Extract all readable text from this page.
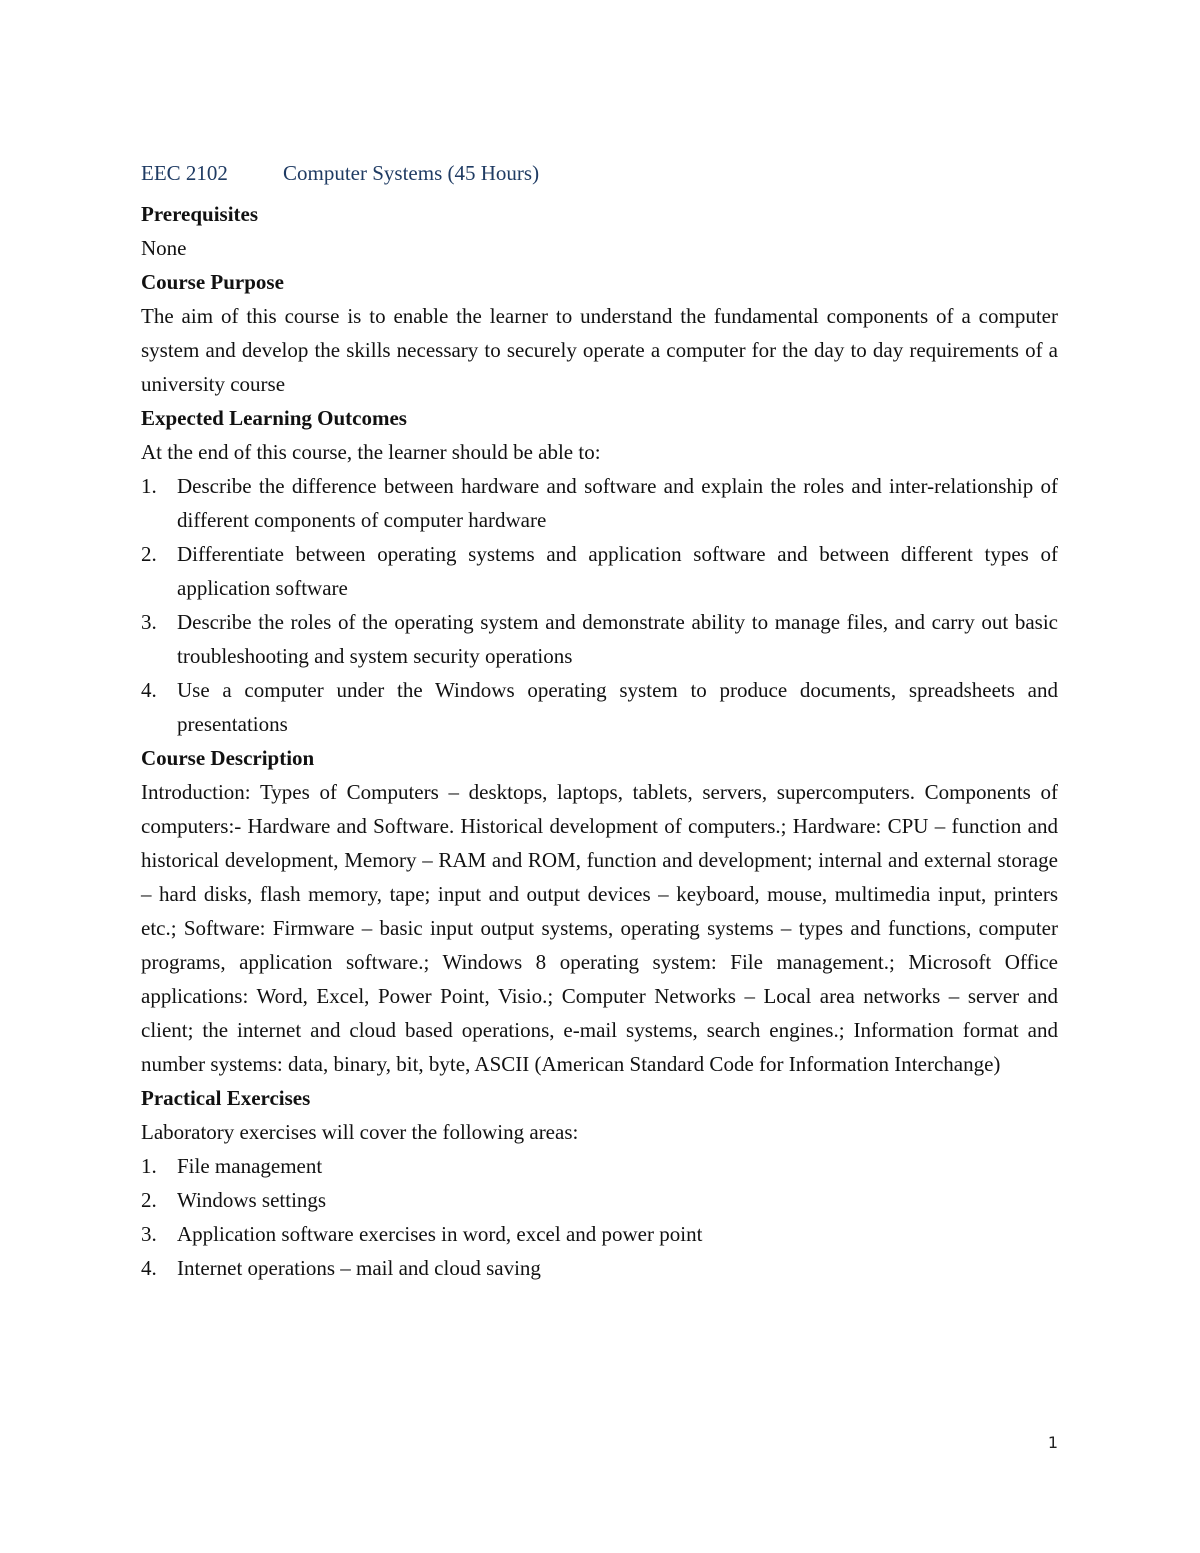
EEC 2102	Computer Systems (45 Hours)
Prerequisites
None
Course Purpose
The aim of this course is to enable the learner to understand the fundamental components of a computer system and develop the skills necessary to securely operate a computer for the day to day requirements of a university course
Expected Learning Outcomes
At the end of this course, the learner should be able to:
1. Describe the difference between hardware and software and explain the roles and inter-relationship of different components of computer hardware
2. Differentiate between operating systems and application software and between different types of application software
3. Describe the roles of the operating system and demonstrate ability to manage files, and carry out basic troubleshooting and system security operations
4. Use a computer under the Windows operating system to produce documents, spreadsheets and presentations
Course Description
Introduction: Types of Computers – desktops, laptops, tablets, servers, supercomputers. Components of computers:- Hardware and Software. Historical development of computers.; Hardware: CPU – function and historical development, Memory – RAM and ROM, function and development; internal and external storage – hard disks, flash memory, tape; input and output devices – keyboard, mouse, multimedia input, printers etc.; Software: Firmware – basic input output systems, operating systems – types and functions, computer programs, application software.; Windows 8 operating system: File management.; Microsoft Office applications: Word, Excel, Power Point, Visio.; Computer Networks – Local area networks – server and client; the internet and cloud based operations, e-mail systems, search engines.; Information format and number systems: data, binary, bit, byte, ASCII (American Standard Code for Information Interchange)
Practical Exercises
Laboratory exercises will cover the following areas:
1. File management
2. Windows settings
3. Application software exercises in word, excel and power point
4. Internet operations – mail and cloud saving
1
